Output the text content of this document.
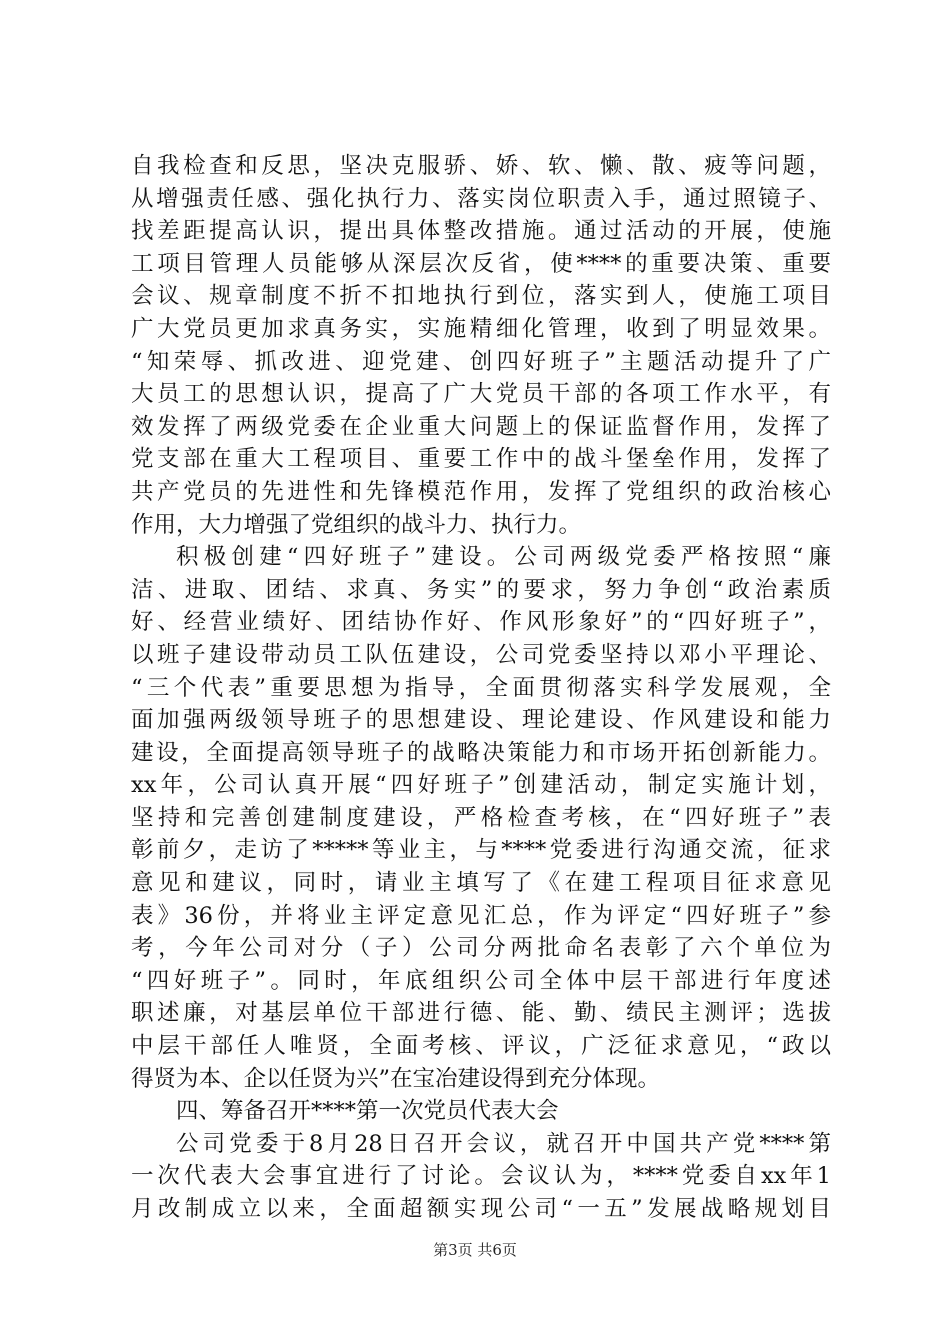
自我检查和反思，坚决克服骄、娇、软、懒、散、疲等问题，
从增强责任感、强化执行力、落实岗位职责入手，通过照镜子、
找差距提高认识，提出具体整改措施。通过活动的开展，使施
工项目管理人员能够从深层次反省，使****的重要决策、重要
会议、规章制度不折不扣地执行到位，落实到人，使施工项目
广大党员更加求真务实，实施精细化管理，收到了明显效果。
“知荣辱、抓改进、迎党建、创四好班子”主题活动提升了广
大员工的思想认识，提高了广大党员干部的各项工作水平，有
效发挥了两级党委在企业重大问题上的保证监督作用，发挥了
党支部在重大工程项目、重要工作中的战斗堡垒作用，发挥了
共产党员的先进性和先锋模范作用，发挥了党组织的政治核心
作用，大力增强了党组织的战斗力、执行力。
积极创建“四好班子”建设。公司两级党委严格按照“廉
洁、进取、团结、求真、务实”的要求，努力争创“政治素质
好、经营业绩好、团结协作好、作风形象好”的“四好班子”，
以班子建设带动员工队伍建设，公司党委坚持以邓小平理论、
“三个代表”重要思想为指导，全面贯彻落实科学发展观，全
面加强两级领导班子的思想建设、理论建设、作风建设和能力
建设，全面提高领导班子的战略决策能力和市场开拓创新能力。
xx年，公司认真开展“四好班子”创建活动，制定实施计划，
坚持和完善创建制度建设，严格检查考核，在“四好班子”表
彰前夕，走访了*****等业主，与****党委进行沟通交流，征求
意见和建议，同时，请业主填写了《在建工程项目征求意见
表》36份，并将业主评定意见汇总，作为评定“四好班子”参
考，今年公司对分（子）公司分两批命名表彰了六个单位为
“四好班子”。同时，年底组织公司全体中层干部进行年度述
职述廉，对基层单位干部进行德、能、勤、绩民主测评；选拔
中层干部任人唯贤，全面考核、评议，广泛征求意见，“政以
得贤为本、企以任贤为兴”在宝冶建设得到充分体现。
四、筹备召开****第一次党员代表大会
公司党委于8月28日召开会议，就召开中国共产党****第
一次代表大会事宜进行了讨论。会议认为，****党委自xx年1
月改制成立以来，全面超额实现公司“一五”发展战略规划目
第3页 共6页
